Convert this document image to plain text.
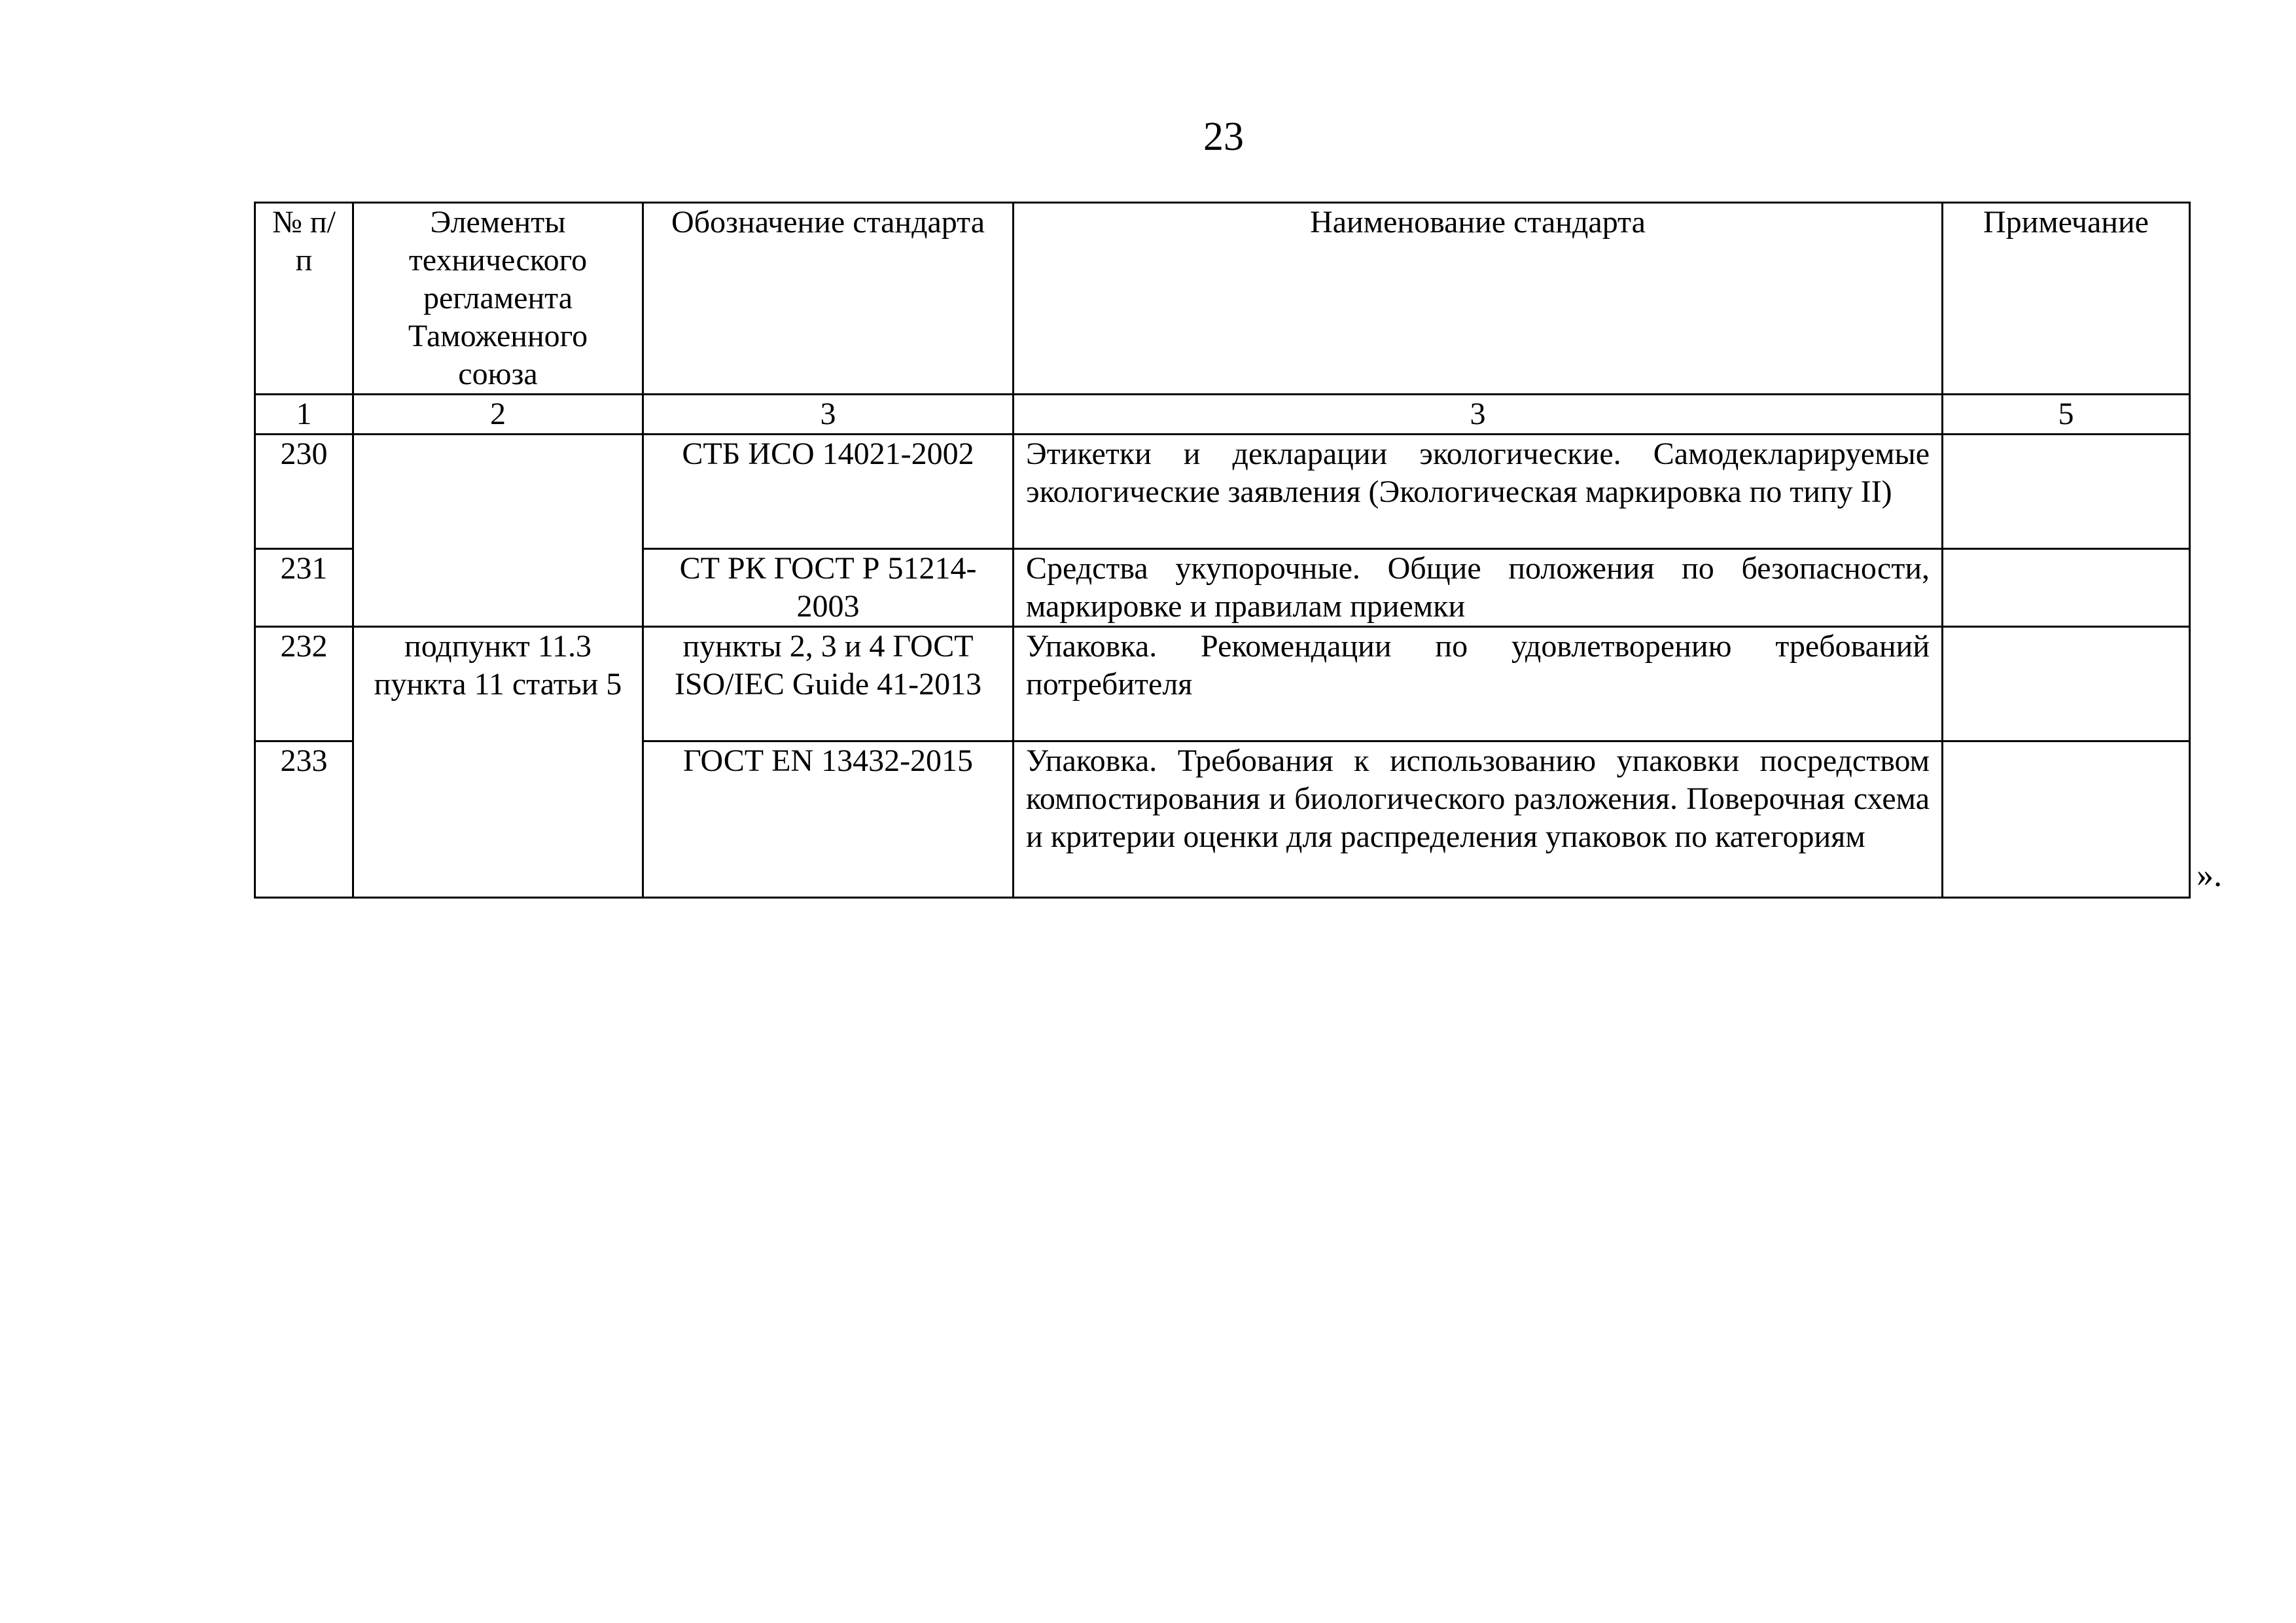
23
№ п/п	Элементы технического регламента Таможенного союза	Обозначение стандарта	Наименование стандарта	Примечание
1	2	3	3	5
230		СТБ ИСО 14021-2002	Этикетки и декларации экологические. Самодекларируемые экологические заявления (Экологическая маркировка по типу II)	
231		СТ РК ГОСТ Р 51214-2003	Средства укупорочные. Общие положения по безопасности, маркировке и правилам приемки	
232	подпункт 11.3 пункта 11 статьи 5	пункты 2, 3 и 4 ГОСТ ISO/IEC Guide 41-2013	Упаковка. Рекомендации по удовлетворению требований потребителя	
233		ГОСТ EN 13432-2015	Упаковка. Требования к использованию упаковки посредством компостирования и биологического разложения. Поверочная схема и критерии оценки для распределения упаковок по категориям	
».
